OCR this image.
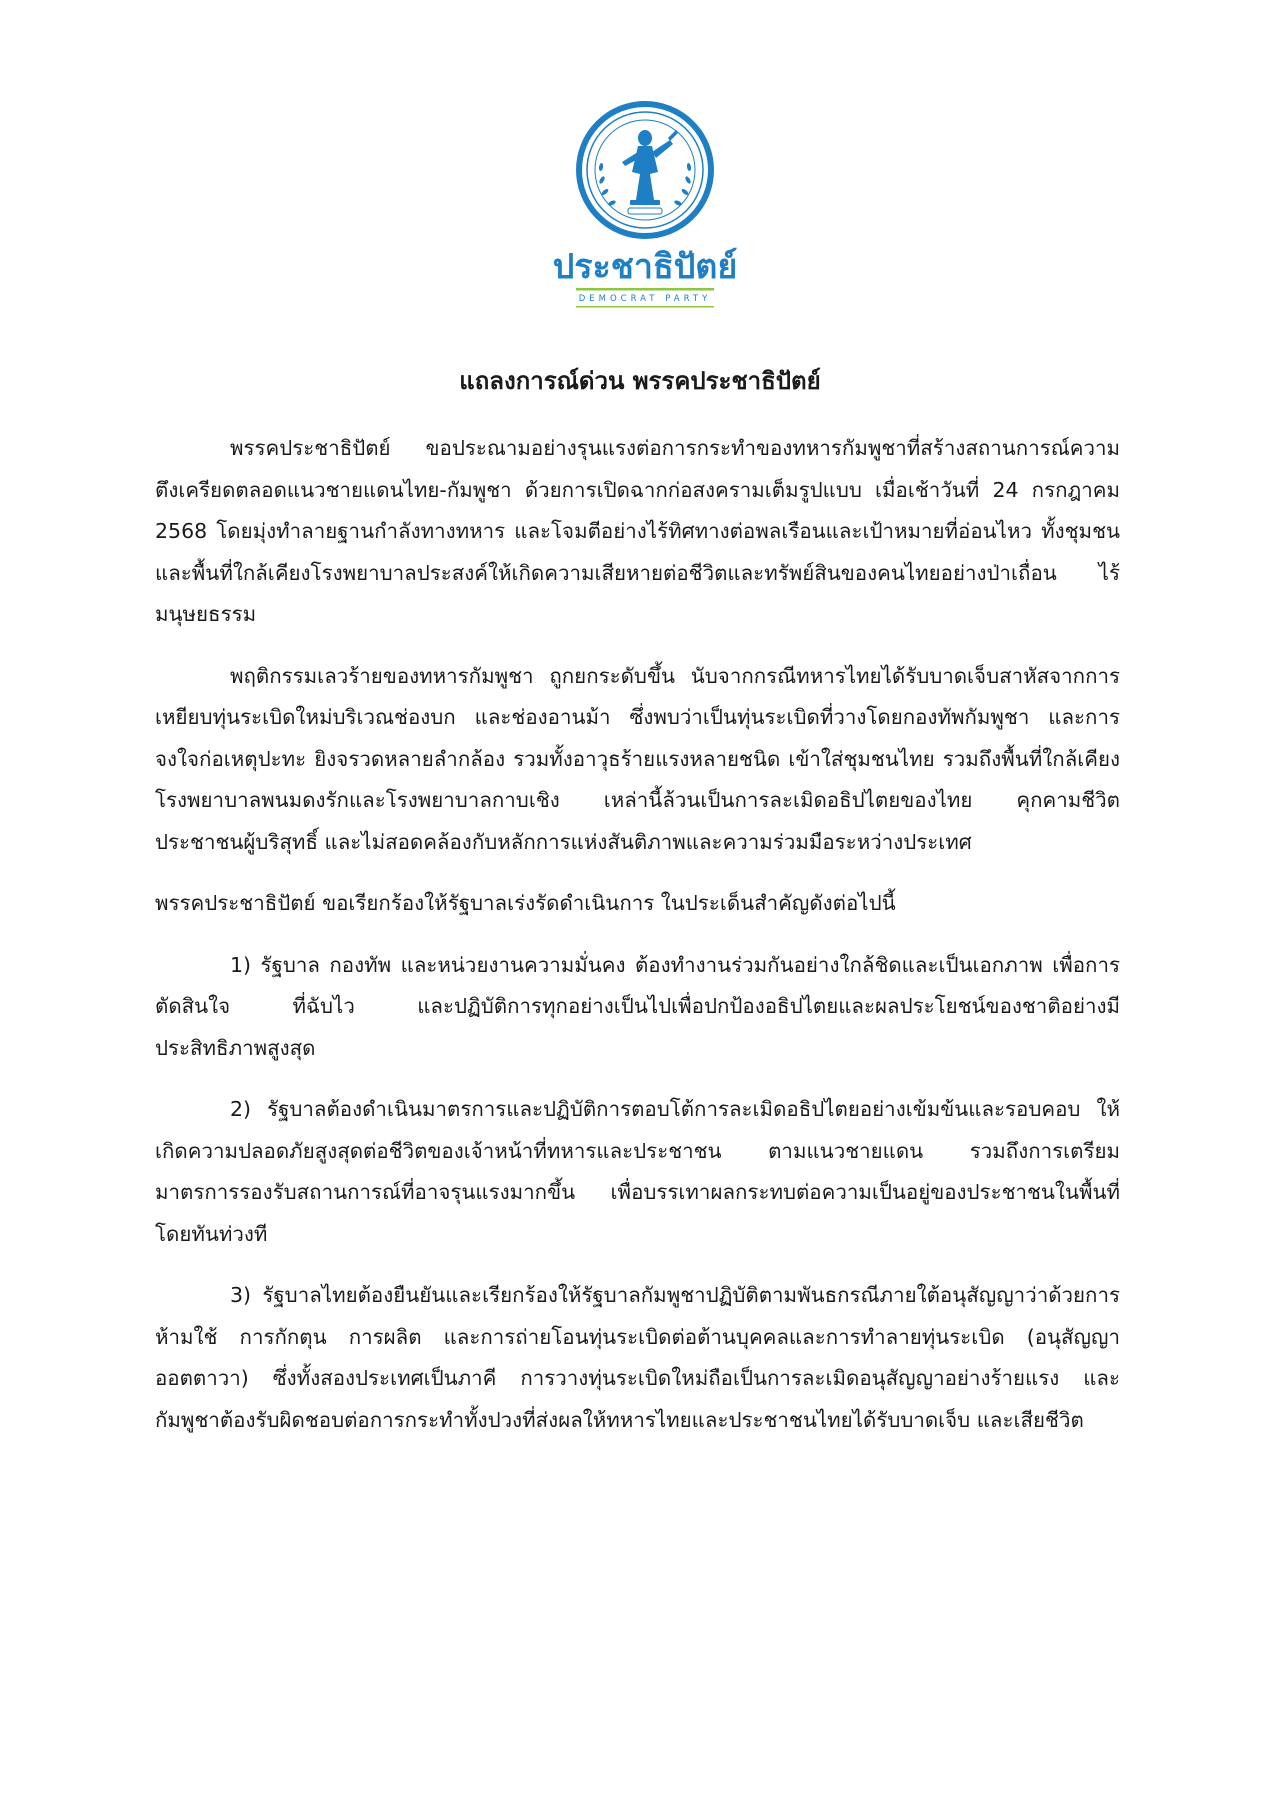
ประชาธิปัตย์
DEMOCRAT PARTY
แถลงการณ์ด่วน พรรคประชาธิปัตย์

พรรคประชาธิปัตย์ ขอประณามอย่างรุนแรงต่อการกระทำของทหารกัมพูชาที่สร้างสถานการณ์ความตึงเครียดตลอดแนวชายแดนไทย-กัมพูชา ด้วยการเปิดฉากก่อสงครามเต็มรูปแบบ เมื่อเช้าวันที่ 24 กรกฎาคม 2568 โดยมุ่งทำลายฐานกำลังทางทหาร และโจมตีอย่างไร้ทิศทางต่อพลเรือนและเป้าหมายที่อ่อนไหว ทั้งชุมชนและพื้นที่ใกล้เคียงโรงพยาบาลประสงค์ให้เกิดความเสียหายต่อชีวิตและทรัพย์สินของคนไทยอย่างป่าเถื่อน ไร้มนุษยธรรม

พฤติกรรมเลวร้ายของทหารกัมพูชา ถูกยกระดับขึ้น นับจากกรณีทหารไทยได้รับบาดเจ็บสาหัสจากการเหยียบทุ่นระเบิดใหม่บริเวณช่องบก และช่องอานม้า ซึ่งพบว่าเป็นทุ่นระเบิดที่วางโดยกองทัพกัมพูชา และการจงใจก่อเหตุปะทะ ยิงจรวดหลายลำกล้อง รวมทั้งอาวุธร้ายแรงหลายชนิด เข้าใส่ชุมชนไทย รวมถึงพื้นที่ใกล้เคียงโรงพยาบาลพนมดงรักและโรงพยาบาลกาบเชิง เหล่านี้ล้วนเป็นการละเมิดอธิปไตยของไทย คุกคามชีวิตประชาชนผู้บริสุทธิ์ และไม่สอดคล้องกับหลักการแห่งสันติภาพและความร่วมมือระหว่างประเทศ

พรรคประชาธิปัตย์ ขอเรียกร้องให้รัฐบาลเร่งรัดดำเนินการ ในประเด็นสำคัญดังต่อไปนี้

1) รัฐบาล กองทัพ และหน่วยงานความมั่นคง ต้องทำงานร่วมกันอย่างใกล้ชิดและเป็นเอกภาพ เพื่อการตัดสินใจ ที่ฉับไว และปฏิบัติการทุกอย่างเป็นไปเพื่อปกป้องอธิปไตยและผลประโยชน์ของชาติอย่างมีประสิทธิภาพสูงสุด

2) รัฐบาลต้องดำเนินมาตรการและปฏิบัติการตอบโต้การละเมิดอธิปไตยอย่างเข้มข้นและรอบคอบ ให้เกิดความปลอดภัยสูงสุดต่อชีวิตของเจ้าหน้าที่ทหารและประชาชน ตามแนวชายแดน รวมถึงการเตรียมมาตรการรองรับสถานการณ์ที่อาจรุนแรงมากขึ้น เพื่อบรรเทาผลกระทบต่อความเป็นอยู่ของประชาชนในพื้นที่โดยทันท่วงที

3) รัฐบาลไทยต้องยืนยันและเรียกร้องให้รัฐบาลกัมพูชาปฏิบัติตามพันธกรณีภายใต้อนุสัญญาว่าด้วยการห้ามใช้ การกักตุน การผลิต และการถ่ายโอนทุ่นระเบิดต่อต้านบุคคลและการทำลายทุ่นระเบิด (อนุสัญญาออตตาวา) ซึ่งทั้งสองประเทศเป็นภาคี การวางทุ่นระเบิดใหม่ถือเป็นการละเมิดอนุสัญญาอย่างร้ายแรง และกัมพูชาต้องรับผิดชอบต่อการกระทำทั้งปวงที่ส่งผลให้ทหารไทยและประชาชนไทยได้รับบาดเจ็บ และเสียชีวิต
